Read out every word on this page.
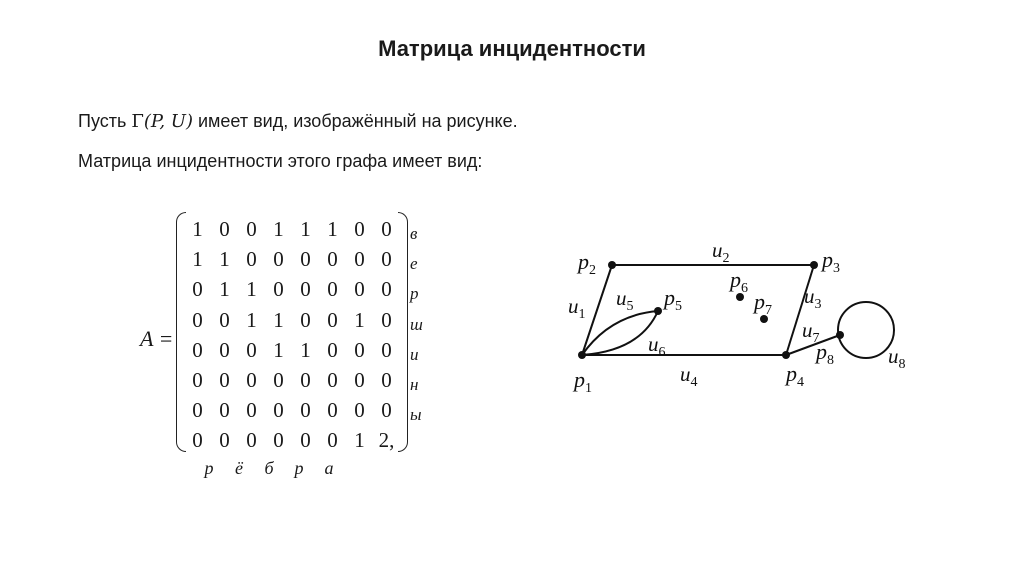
Матрица инцидентности
Пусть Γ(P, U) имеет вид, изображённый на рисунке.
Матрица инцидентности этого графа имеет вид:
A =
1 0 0 1 1 1 0 0
1 1 0 0 0 0 0 0
0 1 1 0 0 0 0 0
0 0 1 1 0 0 1 0
0 0 0 1 1 0 0 0
0 0 0 0 0 0 0 0
0 0 0 0 0 0 0 0
0 0 0 0 0 0 1 2,
в
е
р
ш
и
н
ы
р	ё	б	р	а
$p_1$
$p_2$	$p_3$
$p_4$
$p_5$
$p_6$
$p_7$
$p_8$
$u_1$
$u_2$
$u_3$
$u_4$
$u_5$
$u_6$
$u_7$
$u_8$
